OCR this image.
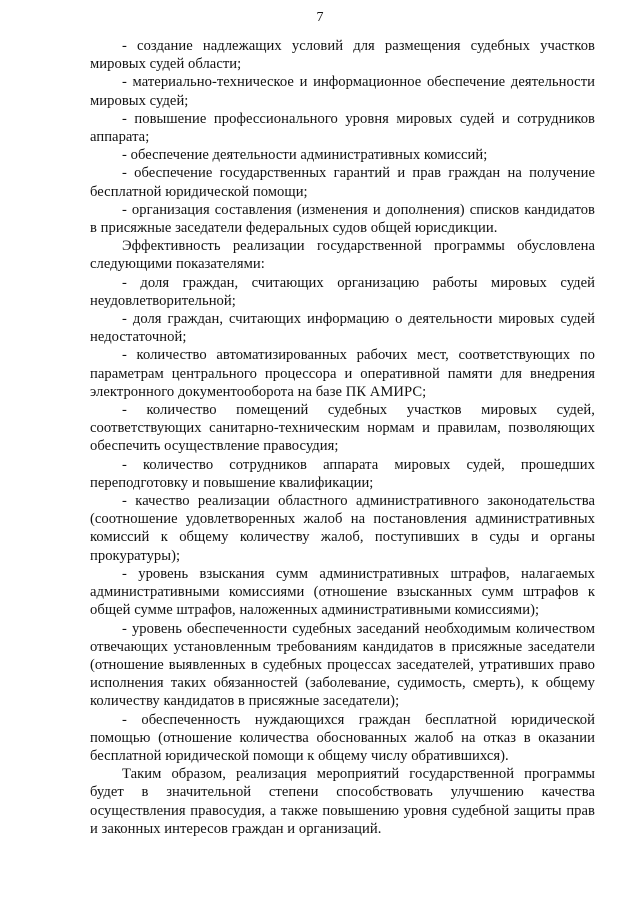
7

- создание надлежащих условий для размещения судебных участков мировых судей области;

- материально-техническое и информационное обеспечение деятельности мировых судей;

- повышение профессионального уровня мировых судей и сотрудников аппарата;

- обеспечение деятельности административных комиссий;

- обеспечение государственных гарантий и прав граждан на получение бесплатной юридической помощи;

- организация составления (изменения и дополнения) списков кандидатов в присяжные заседатели федеральных судов общей юрисдикции.

Эффективность реализации государственной программы обусловлена следующими показателями:

- доля граждан, считающих организацию работы мировых судей неудовлетворительной;

- доля граждан, считающих информацию о деятельности мировых судей недостаточной;

- количество автоматизированных рабочих мест, соответствующих по параметрам центрального процессора и оперативной памяти для внедрения электронного документооборота на базе ПК АМИРС;

- количество помещений судебных участков мировых судей, соответствующих санитарно-техническим нормам и правилам, позволяющих обеспечить осуществление правосудия;

- количество сотрудников аппарата мировых судей, прошедших переподготовку и повышение квалификации;

- качество реализации областного административного законодательства (соотношение удовлетворенных жалоб на постановления административных комиссий к общему количеству жалоб, поступивших в суды и органы прокуратуры);

- уровень взыскания сумм административных штрафов, налагаемых административными комиссиями (отношение взысканных сумм штрафов к общей сумме штрафов, наложенных административными комиссиями);

- уровень обеспеченности судебных заседаний необходимым количеством отвечающих установленным требованиям кандидатов в присяжные заседатели (отношение выявленных в судебных процессах заседателей, утративших право исполнения таких обязанностей (заболевание, судимость, смерть), к общему количеству кандидатов в присяжные заседатели);

- обеспеченность нуждающихся граждан бесплатной юридической помощью (отношение количества обоснованных жалоб на отказ в оказании бесплатной юридической помощи к общему числу обратившихся).

Таким образом, реализация мероприятий государственной программы будет в значительной степени способствовать улучшению качества осуществления правосудия, а также повышению уровня судебной защиты прав и законных интересов граждан и организаций.
